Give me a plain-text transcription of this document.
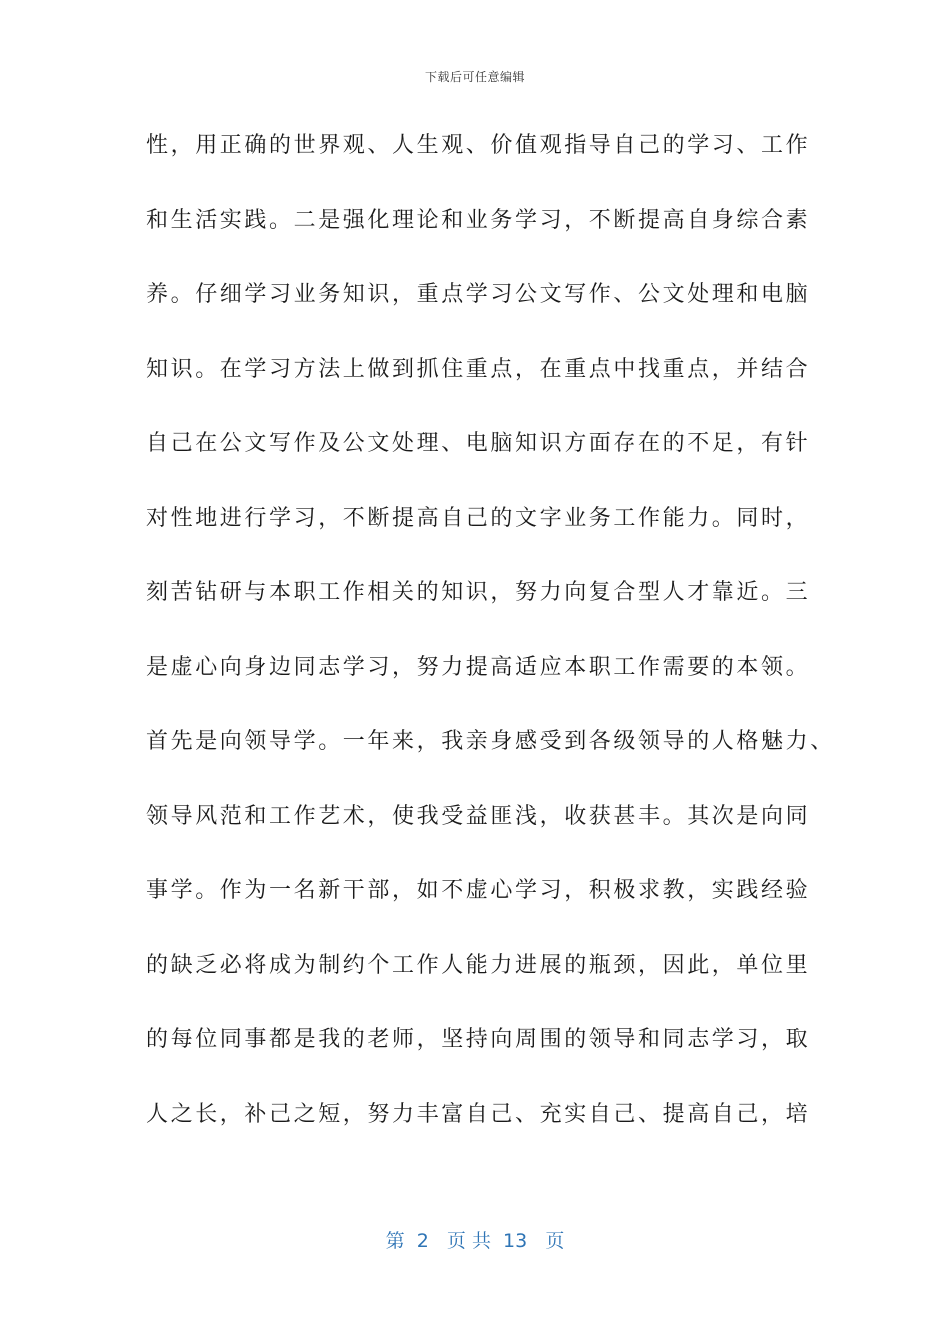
下载后可任意编辑
性，用正确的世界观、人生观、价值观指导自己的学习、工作
和生活实践。二是强化理论和业务学习，不断提高自身综合素
养。仔细学习业务知识，重点学习公文写作、公文处理和电脑
知识。在学习方法上做到抓住重点，在重点中找重点，并结合
自己在公文写作及公文处理、电脑知识方面存在的不足，有针
对性地进行学习，不断提高自己的文字业务工作能力。同时，
刻苦钻研与本职工作相关的知识，努力向复合型人才靠近。三
是虚心向身边同志学习，努力提高适应本职工作需要的本领。
首先是向领导学。一年来，我亲身感受到各级领导的人格魅力、
领导风范和工作艺术，使我受益匪浅，收获甚丰。其次是向同
事学。作为一名新干部，如不虚心学习，积极求教，实践经验
的缺乏必将成为制约个工作人能力进展的瓶颈，因此，单位里
的每位同事都是我的老师，坚持向周围的领导和同志学习，取
人之长，补己之短，努力丰富自己、充实自己、提高自己，培
第  2   页 共  13   页
